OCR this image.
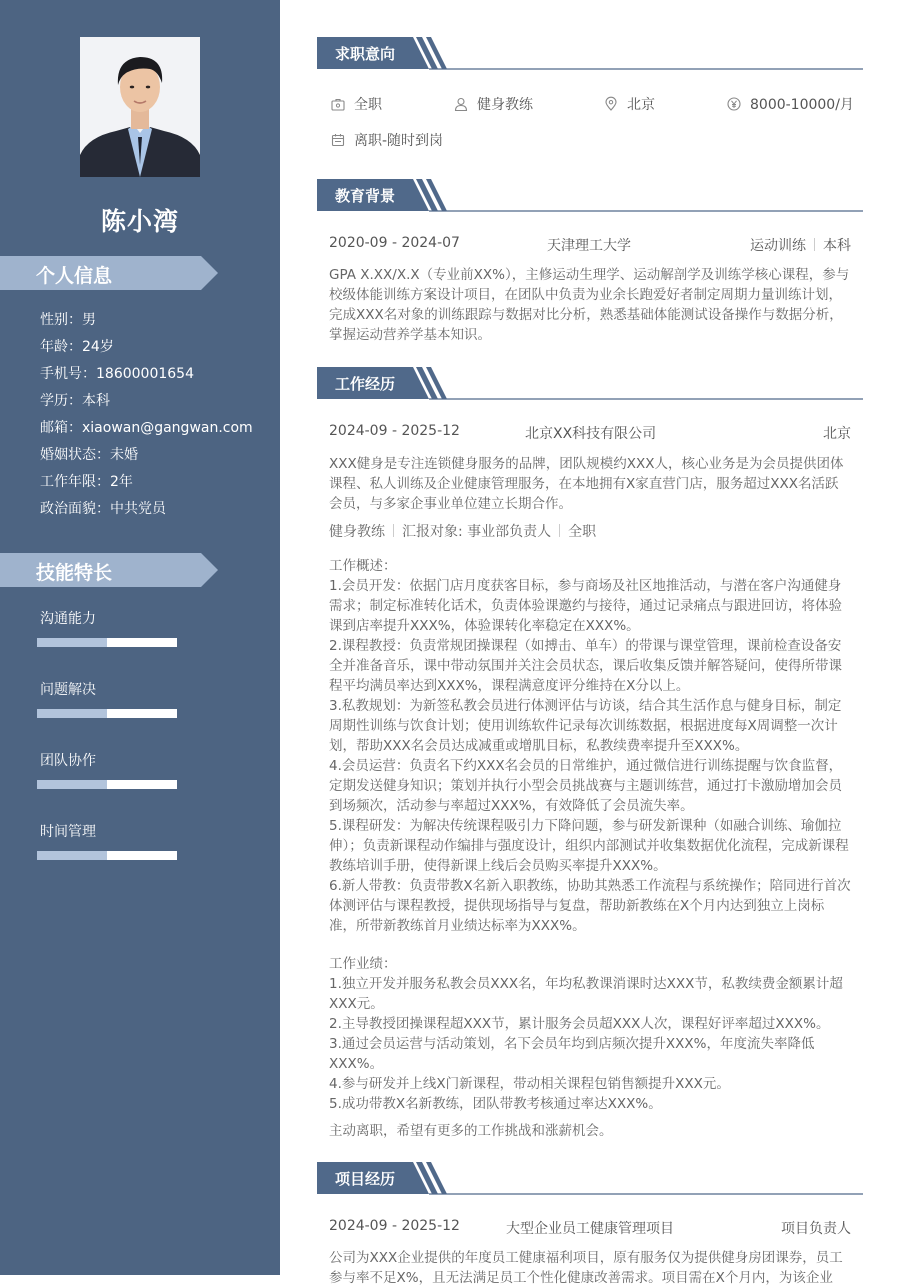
陈小湾
个人信息
性别：男
年龄：24岁
手机号：18600001654
学历：本科
邮箱：xiaowan@gangwan.com
婚姻状态：未婚
工作年限：2年
政治面貌：中共党员
技能特长
沟通能力
问题解决
团队协作
时间管理
求职意向
全职	健身教练	北京	8000-10000/月
离职-随时到岗
教育背景
2020-09 - 2024-07	天津理工大学	运动训练 本科

GPA X.XX/X.X（专业前XX%），主修运动生理学、运动解剖学及训练学核心课程，参与校级体能训练方案设计项目，在团队中负责为业余长跑爱好者制定周期力量训练计划，完成XXX名对象的训练跟踪与数据对比分析，熟悉基础体能测试设备操作与数据分析，掌握运动营养学基本知识。

工作经历
2024-09 - 2025-12	北京XX科技有限公司	北京

XXX健身是专注连锁健身服务的品牌，团队规模约XXX人，核心业务是为会员提供团体课程、私人训练及企业健康管理服务，在本地拥有X家直营门店，服务超过XXX名活跃会员，与多家企事业单位建立长期合作。

健身教练 汇报对象: 事业部负责人 全职

工作概述：

1.会员开发：依据门店月度获客目标，参与商场及社区地推活动，与潜在客户沟通健身需求；制定标准转化话术，负责体验课邀约与接待，通过记录痛点与跟进回访，将体验课到店率提升XXX%，体验课转化率稳定在XXX%。

2.课程教授：负责常规团操课程（如搏击、单车）的带课与课堂管理，课前检查设备安全并准备音乐，课中带动氛围并关注会员状态，课后收集反馈并解答疑问，使得所带课程平均满员率达到XXX%，课程满意度评分维持在X分以上。

3.私教规划：为新签私教会员进行体测评估与访谈，结合其生活作息与健身目标，制定周期性训练与饮食计划；使用训练软件记录每次训练数据，根据进度每X周调整一次计划，帮助XXX名会员达成减重或增肌目标，私教续费率提升至XXX%。

4.会员运营：负责名下约XXX名会员的日常维护，通过微信进行训练提醒与饮食监督，定期发送健身知识；策划并执行小型会员挑战赛与主题训练营，通过打卡激励增加会员到场频次，活动参与率超过XXX%，有效降低了会员流失率。

5.课程研发：为解决传统课程吸引力下降问题，参与研发新课种（如融合训练、瑜伽拉伸）；负责新课程动作编排与强度设计，组织内部测试并收集数据优化流程，完成新课程教练培训手册，使得新课上线后会员购买率提升XXX%。

6.新人带教：负责带教X名新入职教练，协助其熟悉工作流程与系统操作；陪同进行首次体测评估与课程教授，提供现场指导与复盘，帮助新教练在X个月内达到独立上岗标准，所带新教练首月业绩达标率为XXX%。

工作业绩：

1.独立开发并服务私教会员XXX名，年均私教课消课时达XXX节，私教续费金额累计超XXX元。

2.主导教授团操课程超XXX节，累计服务会员超XXX人次，课程好评率超过XXX%。

3.通过会员运营与活动策划，名下会员年均到店频次提升XXX%，年度流失率降低XXX%。

4.参与研发并上线X门新课程，带动相关课程包销售额提升XXX元。

5.成功带教X名新教练，团队带教考核通过率达XXX%。

主动离职，希望有更多的工作挑战和涨薪机会。

项目经历
2024-09 - 2025-12	大型企业员工健康管理项目	项目负责人

公司为XXX企业提供的年度员工健康福利项目，原有服务仅为提供健身房团课券，员工参与率不足X%，且无法满足员工个性化健康改善需求。项目需在X个月内，为该企业
